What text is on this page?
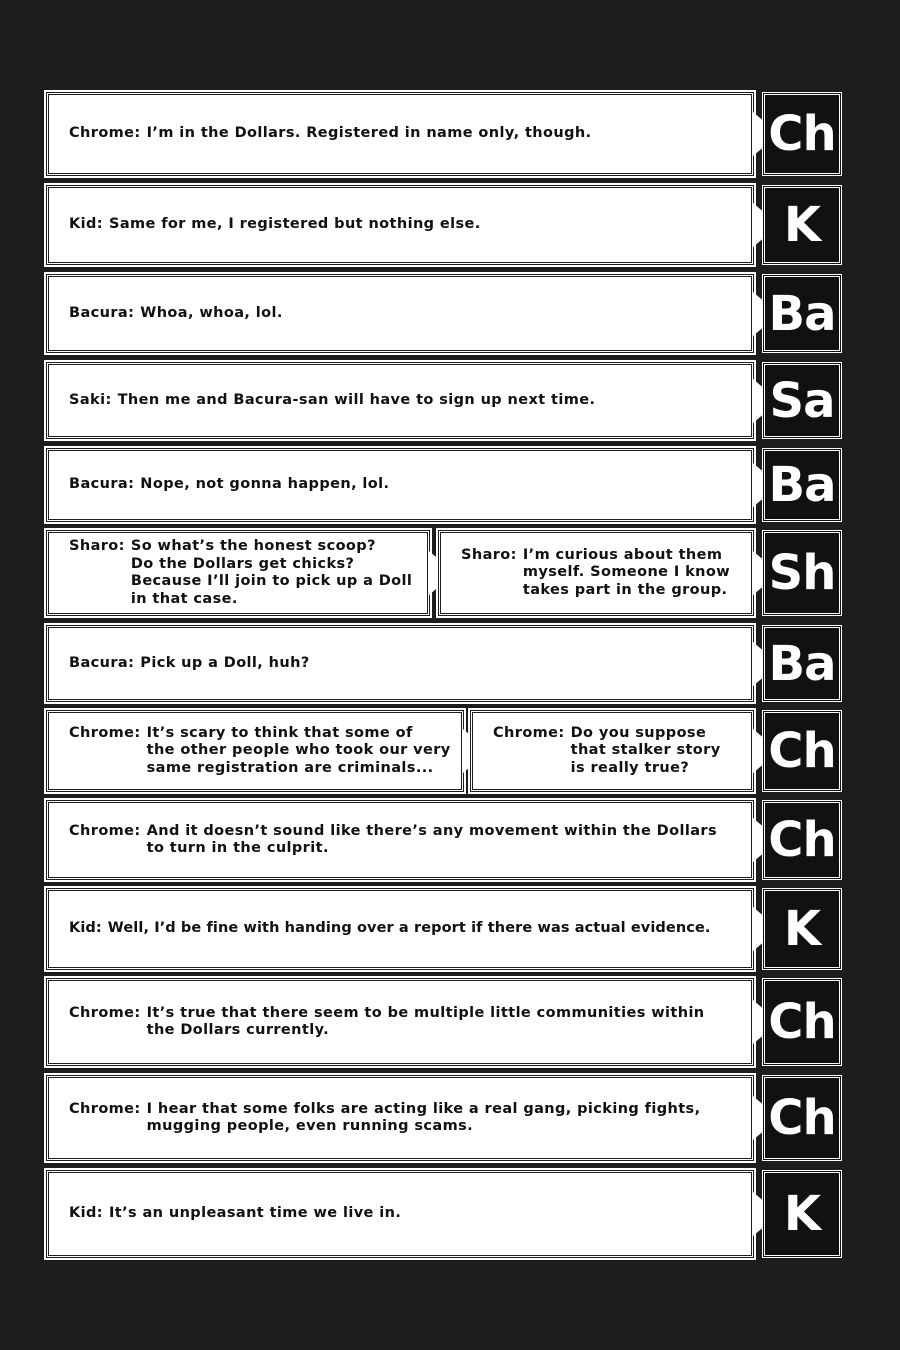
Chrome: I’m in the Dollars. Registered in name only, though.	Ch
Kid: Same for me, I registered but nothing else.	K
Bacura: Whoa, whoa, lol.	Ba
Saki: Then me and Bacura-san will have to sign up next time.	Sa
Bacura: Nope, not gonna happen, lol.	Ba
Sharo: So what’s the honest scoop?
Do the Dollars get chicks?
Because I’ll join to pick up a Doll
in that case.
Sharo: I’m curious about them
myself. Someone I know
takes part in the group. Sh
Bacura: Pick up a Doll, huh?	Ba
Chrome: It’s scary to think that some of
the other people who took our very
same registration are criminals...
Chrome: Do you suppose
that stalker story
is really true?	Ch
Chrome: And it doesn’t sound like there’s any movement within the Dollars
to turn in the culprit.	Ch
Kid: Well, I’d be fine with handing over a report if there was actual evidence.	K
Chrome: It’s true that there seem to be multiple little communities within
the Dollars currently.	Ch
Chrome: I hear that some folks are acting like a real gang, picking fights,
mugging people, even running scams.	Ch
Kid: It’s an unpleasant time we live in.	K
